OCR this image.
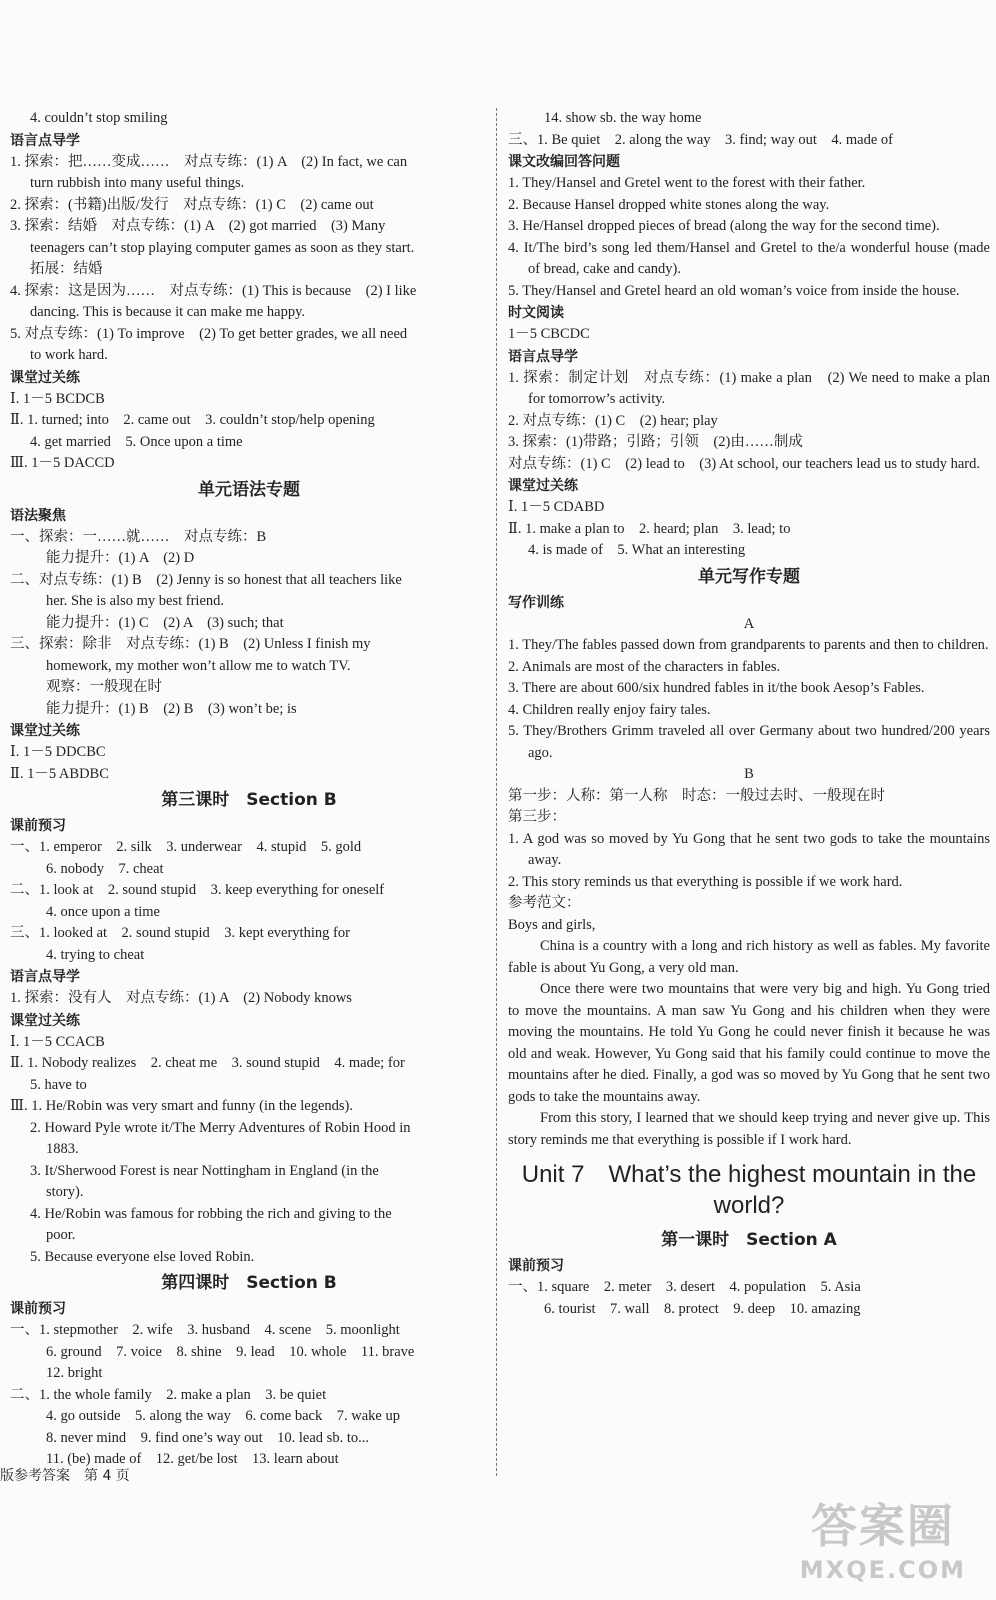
4. couldn’t stop smiling
语言点导学
1. 探索：把……变成……　对点专练：(1) A　(2) In fact, we can
turn rubbish into many useful things.
2. 探索：(书籍)出版/发行　对点专练：(1) C　(2) came out
3. 探索：结婚　对点专练：(1) A　(2) got married　(3) Many
teenagers can’t stop playing computer games as soon as they start.
拓展：结婚
4. 探索：这是因为……　对点专练：(1) This is because　(2) I like
dancing. This is because it can make me happy.
5. 对点专练：(1) To improve　(2) To get better grades, we all need
to work hard.
课堂过关练
Ⅰ. 1－5 BCDCB
Ⅱ. 1. turned; into　2. came out　3. couldn’t stop/help opening
4. get married　5. Once upon a time
Ⅲ. 1－5 DACCD
单元语法专题
语法聚焦
一、探索：一……就……　对点专练：B
能力提升：(1) A　(2) D
二、对点专练：(1) B　(2) Jenny is so honest that all teachers like
her. She is also my best friend.
能力提升：(1) C　(2) A　(3) such; that
三、探索：除非　对点专练：(1) B　(2) Unless I finish my
homework, my mother won’t allow me to watch TV.
观察：一般现在时
能力提升：(1) B　(2) B　(3) won’t be; is
课堂过关练
Ⅰ. 1－5 DDCBC
Ⅱ. 1－5 ABDBC
第三课时　Section B
课前预习
一、1. emperor　2. silk　3. underwear　4. stupid　5. gold
6. nobody　7. cheat
二、1. look at　2. sound stupid　3. keep everything for oneself
4. once upon a time
三、1. looked at　2. sound stupid　3. kept everything for
4. trying to cheat
语言点导学
1. 探索：没有人　对点专练：(1) A　(2) Nobody knows
课堂过关练
Ⅰ. 1－5 CCACB
Ⅱ. 1. Nobody realizes　2. cheat me　3. sound stupid　4. made; for
5. have to
Ⅲ. 1. He/Robin was very smart and funny (in the legends).
2. Howard Pyle wrote it/The Merry Adventures of Robin Hood in
1883.
3. It/Sherwood Forest is near Nottingham in England (in the
story).
4. He/Robin was famous for robbing the rich and giving to the
poor.
5. Because everyone else loved Robin.
第四课时　Section B
课前预习
一、1. stepmother　2. wife　3. husband　4. scene　5. moonlight
6. ground　7. voice　8. shine　9. lead　10. whole　11. brave
12. bright
二、1. the whole family　2. make a plan　3. be quiet
4. go outside　5. along the way　6. come back　7. wake up
8. never mind　9. find one’s way out　10. lead sb. to...
11. (be) made of　12. get/be lost　13. learn about
14. show sb. the way home
三、1. Be quiet　2. along the way　3. find; way out　4. made of
课文改编回答问题
1. They/Hansel and Gretel went to the forest with their father.
2. Because Hansel dropped white stones along the way.
3. He/Hansel dropped pieces of bread (along the way for the second time).
4. It/The bird’s song led them/Hansel and Gretel to the/a wonderful house (made of bread, cake and candy).
5. They/Hansel and Gretel heard an old woman’s voice from inside the house.
时文阅读
1－5 CBCDC
语言点导学
1. 探索：制定计划　对点专练：(1) make a plan　(2) We need to make a plan for tomorrow’s activity.
2. 对点专练：(1) C　(2) hear; play
3. 探索：(1)带路；引路；引领　(2)由……制成
对点专练：(1) C　(2) lead to　(3) At school, our teachers lead us to study hard.
课堂过关练
Ⅰ. 1－5 CDABD
Ⅱ. 1. make a plan to　2. heard; plan　3. lead; to
4. is made of　5. What an interesting
单元写作专题
写作训练
A
1. They/The fables passed down from grandparents to parents and then to children.
2. Animals are most of the characters in fables.
3. There are about 600/six hundred fables in it/the book Aesop’s Fables.
4. Children really enjoy fairy tales.
5. They/Brothers Grimm traveled all over Germany about two hundred/200 years ago.
B
第一步：人称：第一人称　时态：一般过去时、一般现在时
第三步：
1. A god was so moved by Yu Gong that he sent two gods to take the mountains away.
2. This story reminds us that everything is possible if we work hard.
参考范文：
Boys and girls,
China is a country with a long and rich history as well as fables. My favorite fable is about Yu Gong, a very old man.
Once there were two mountains that were very big and high. Yu Gong tried to move the mountains. A man saw Yu Gong and his children when they were moving the mountains. He told Yu Gong he could never finish it because he was old and weak. However, Yu Gong said that his family could continue to move the mountains after he died. Finally, a god was so moved by Yu Gong that he sent two gods to take the mountains away.
From this story, I learned that we should keep trying and never give up. This story reminds me that everything is possible if I work hard.
Unit 7　What’s the highest mountain in the world?
第一课时　Section A
课前预习
一、1. square　2. meter　3. desert　4. population　5. Asia
6. tourist　7. wall　8. protect　9. deep　10. amazing
版参考答案　第 4 页
答案圈
MXQE.COM
